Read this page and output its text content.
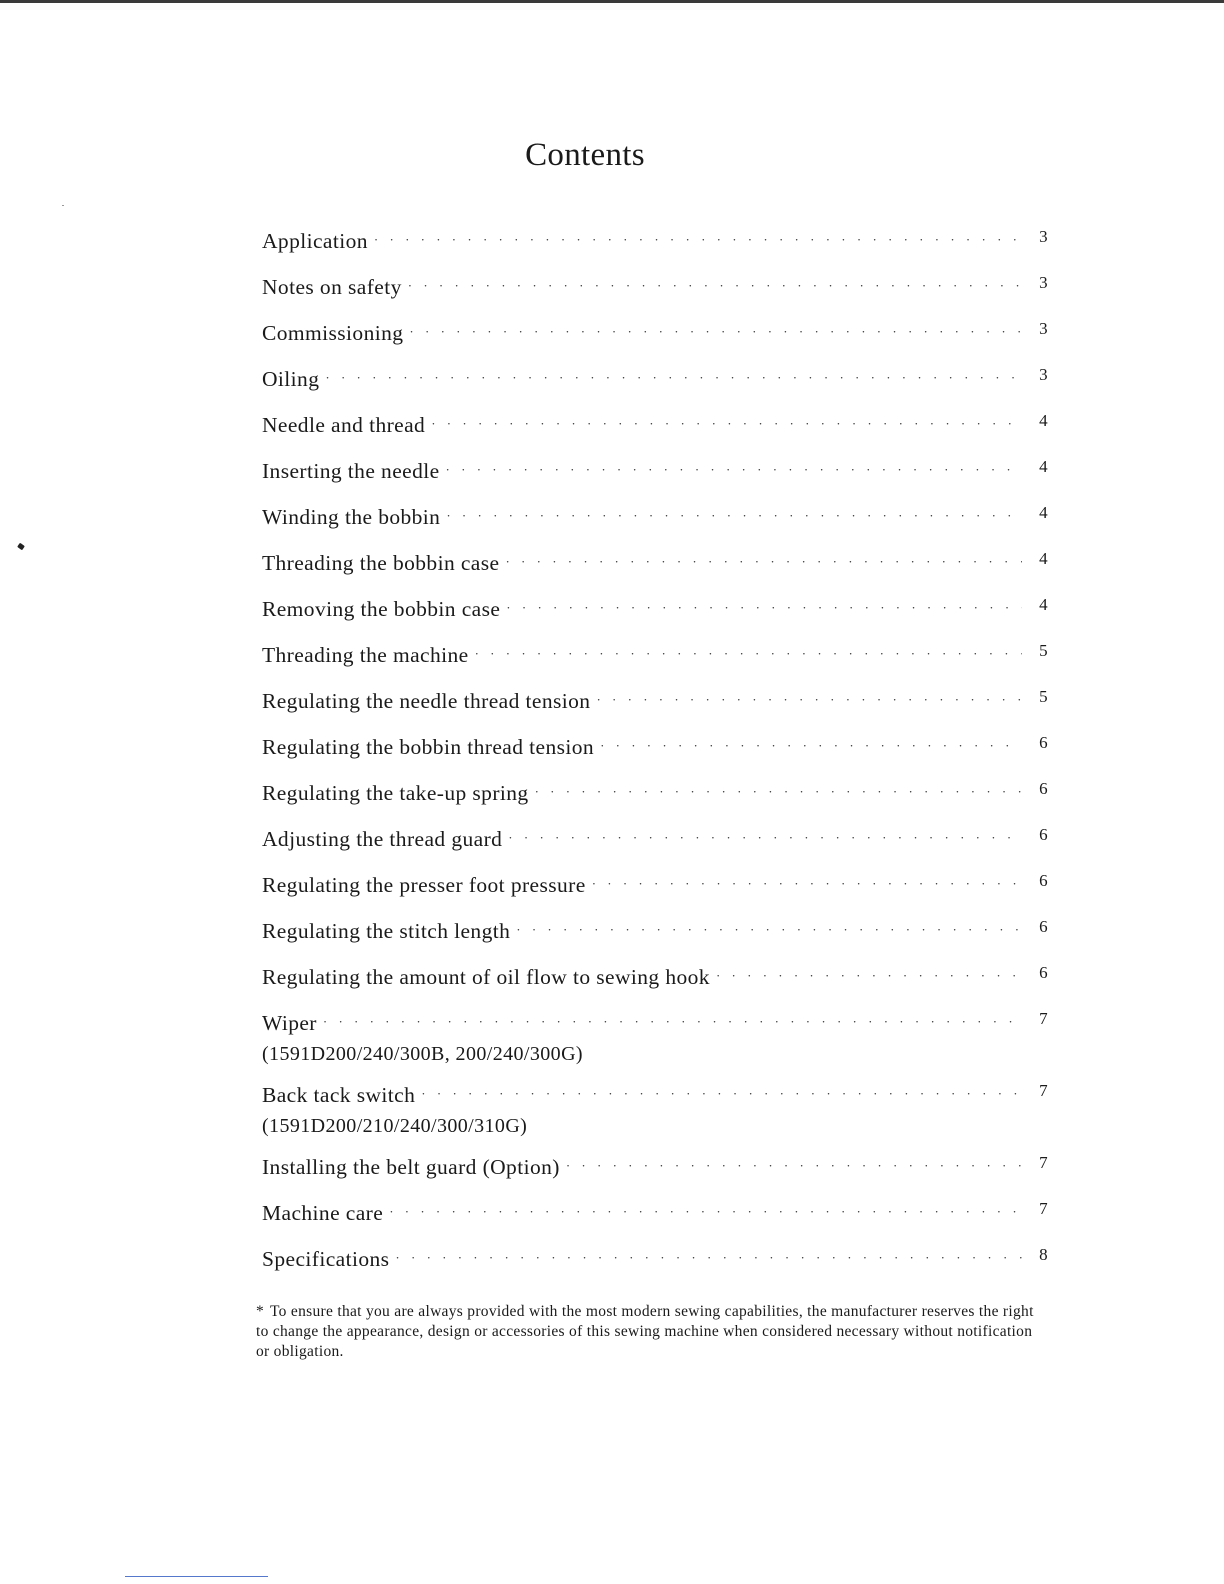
Contents
Application · · ·	3
Notes on safety · · ·	3
Commissioning · · ·	3
Oiling · · ·	3
Needle and thread · · ·	4
Inserting the needle · · ·	4
Winding the bobbin · · ·	4
Threading the bobbin case · · ·	4
Removing the bobbin case · · ·	4
Threading the machine · · ·	5
Regulating the needle thread tension · · ·	5
Regulating the bobbin thread tension · · ·	6
Regulating the take-up spring · · ·	6
Adjusting the thread guard · · ·	6
Regulating the presser foot pressure · · ·	6
Regulating the stitch length · · ·	6
Regulating the amount of oil flow to sewing hook · · ·	6
Wiper · · ·	7
(1591D200/240/300B, 200/240/300G)
Back tack switch · · ·	7
(1591D200/210/240/300/310G)
Installing the belt guard (Option) · · ·	7
Machine care · · ·	7
Specifications · · ·	8

* To ensure that you are always provided with the most modern sewing capabilities, the manufacturer reserves the right to change the appearance, design or accessories of this sewing machine when considered necessary without notification or obligation.
